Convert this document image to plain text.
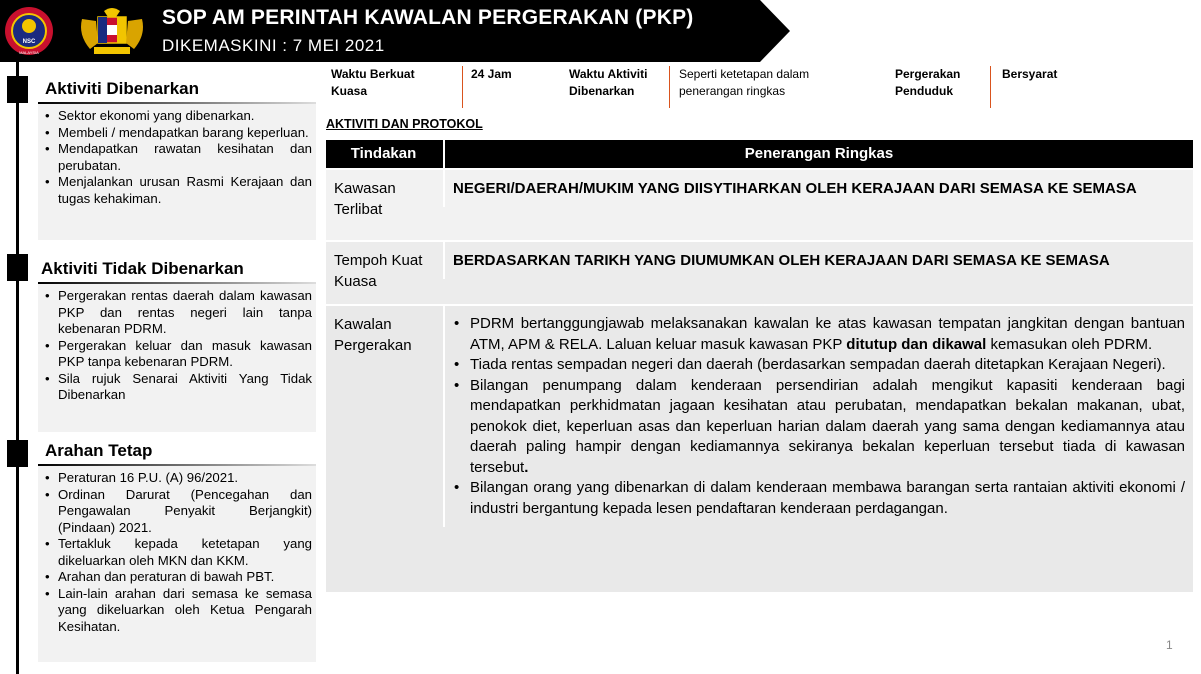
NSC
MALAYSIA
SOP AM PERINTAH KAWALAN PERGERAKAN (PKP)
DIKEMASKINI : 7 MEI 2021
Aktiviti Dibenarkan
• Sektor ekonomi yang dibenarkan.
• Membeli / mendapatkan barang keperluan.
• Mendapatkan rawatan kesihatan dan perubatan.
• Menjalankan urusan Rasmi Kerajaan dan tugas kehakiman.
Aktiviti Tidak Dibenarkan
• Pergerakan rentas daerah dalam kawasan PKP dan rentas negeri lain tanpa kebenaran PDRM.
• Pergerakan keluar dan masuk kawasan PKP tanpa kebenaran PDRM.
• Sila rujuk Senarai Aktiviti Yang Tidak Dibenarkan
Arahan Tetap
• Peraturan 16 P.U. (A) 96/2021.
• Ordinan Darurat (Pencegahan dan Pengawalan Penyakit Berjangkit) (Pindaan) 2021.
• Tertakluk kepada ketetapan yang dikeluarkan oleh MKN dan KKM.
• Arahan dan peraturan di bawah PBT.
• Lain-lain arahan dari semasa ke semasa yang dikeluarkan oleh Ketua Pengarah Kesihatan.
Waktu Berkuat Kuasa
24 Jam	Waktu Aktiviti Dibenarkan
Seperti ketetapan dalam penerangan ringkas
Pergerakan Penduduk
Bersyarat
AKTIVITI DAN PROTOKOL
Tindakan	Penerangan Ringkas
Kawasan Terlibat
NEGERI/DAERAH/MUKIM YANG DIISYTIHARKAN OLEH KERAJAAN DARI SEMASA KE SEMASA
Tempoh Kuat Kuasa
BERDASARKAN TARIKH YANG DIUMUMKAN OLEH KERAJAAN DARI SEMASA KE SEMASA
Kawalan Pergerakan
• PDRM bertanggungjawab melaksanakan kawalan ke atas kawasan tempatan jangkitan dengan bantuan ATM, APM & RELA. Laluan keluar masuk kawasan PKP ditutup dan dikawal kemasukan oleh PDRM.
• Tiada rentas sempadan negeri dan daerah (berdasarkan sempadan daerah ditetapkan Kerajaan Negeri).
• Bilangan penumpang dalam kenderaan persendirian adalah mengikut kapasiti kenderaan bagi mendapatkan perkhidmatan jagaan kesihatan atau perubatan, mendapatkan bekalan makanan, ubat, penokok diet, keperluan asas dan keperluan harian dalam daerah yang sama dengan kediamannya atau daerah paling hampir dengan kediamannya sekiranya bekalan keperluan tersebut tiada di kawasan tersebut.
• Bilangan orang yang dibenarkan di dalam kenderaan membawa barangan serta rantaian aktiviti ekonomi / industri bergantung kepada lesen pendaftaran kenderaan perdagangan.
1
